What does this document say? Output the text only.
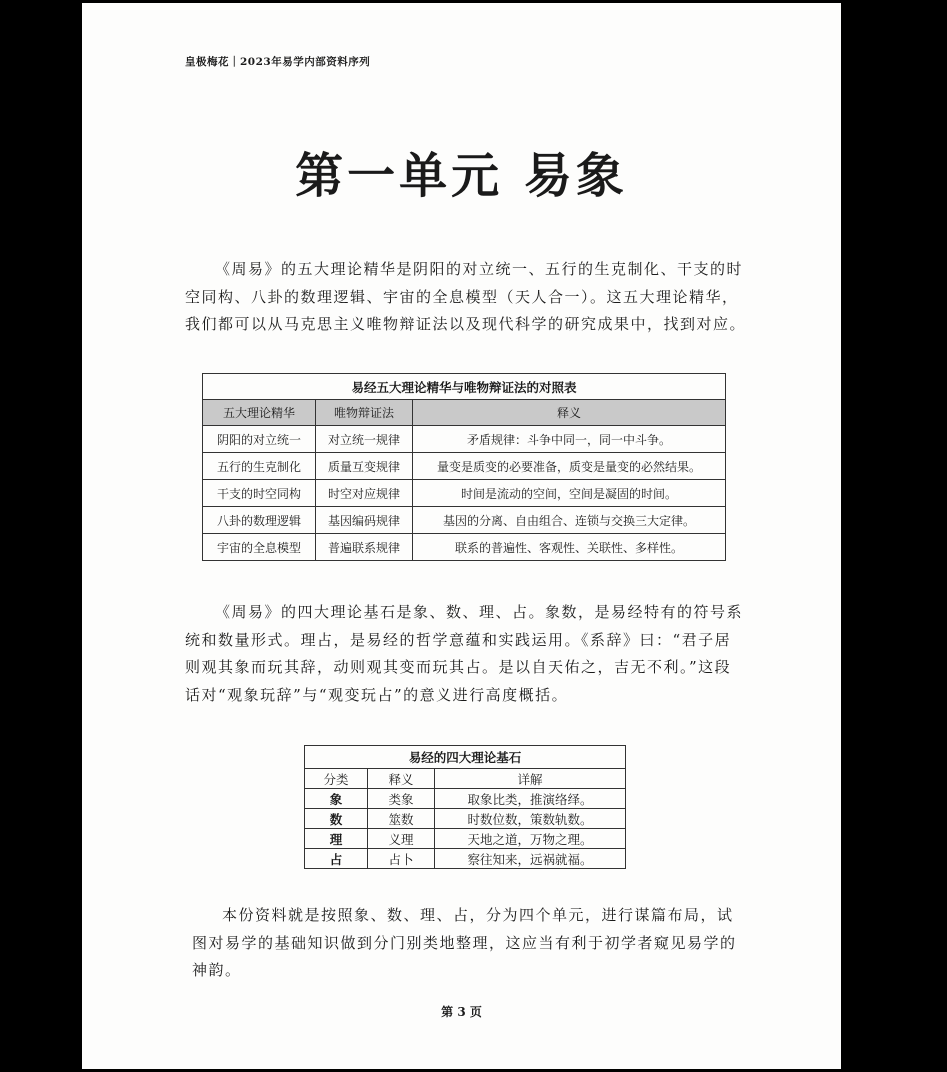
皇极梅花｜2023年易学内部资料序列
第一单元 易象

《周易》的五大理论精华是阴阳的对立统一、五行的生克制化、干支的时空同构、八卦的数理逻辑、宇宙的全息模型（天人合一）。这五大理论精华，我们都可以从马克思主义唯物辩证法以及现代科学的研究成果中，找到对应。

易经五大理论精华与唯物辩证法的对照表		
五大理论精华	唯物辩证法	释义
阴阳的对立统一	对立统一规律	矛盾规律：斗争中同一，同一中斗争。
五行的生克制化	质量互变规律	量变是质变的必要准备，质变是量变的必然结果。
干支的时空同构	时空对应规律	时间是流动的空间，空间是凝固的时间。
八卦的数理逻辑	基因编码规律	基因的分离、自由组合、连锁与交换三大定律。
宇宙的全息模型	普遍联系规律	联系的普遍性、客观性、关联性、多样性。

《周易》的四大理论基石是象、数、理、占。象数，是易经特有的符号系统和数量形式。理占，是易经的哲学意蕴和实践运用。《系辞》曰：“君子居则观其象而玩其辞，动则观其变而玩其占。是以自天佑之，吉无不利。”这段话对“观象玩辞”与“观变玩占”的意义进行高度概括。

易经的四大理论基石		
分类	释义	详解
象	类象	取象比类，推演络绎。
数	筮数	时数位数，策数轨数。
理	义理	天地之道，万物之理。
占	占卜	察往知来，远祸就福。

本份资料就是按照象、数、理、占，分为四个单元，进行谋篇布局，试图对易学的基础知识做到分门别类地整理，这应当有利于初学者窥见易学的神韵。

第 3 页
